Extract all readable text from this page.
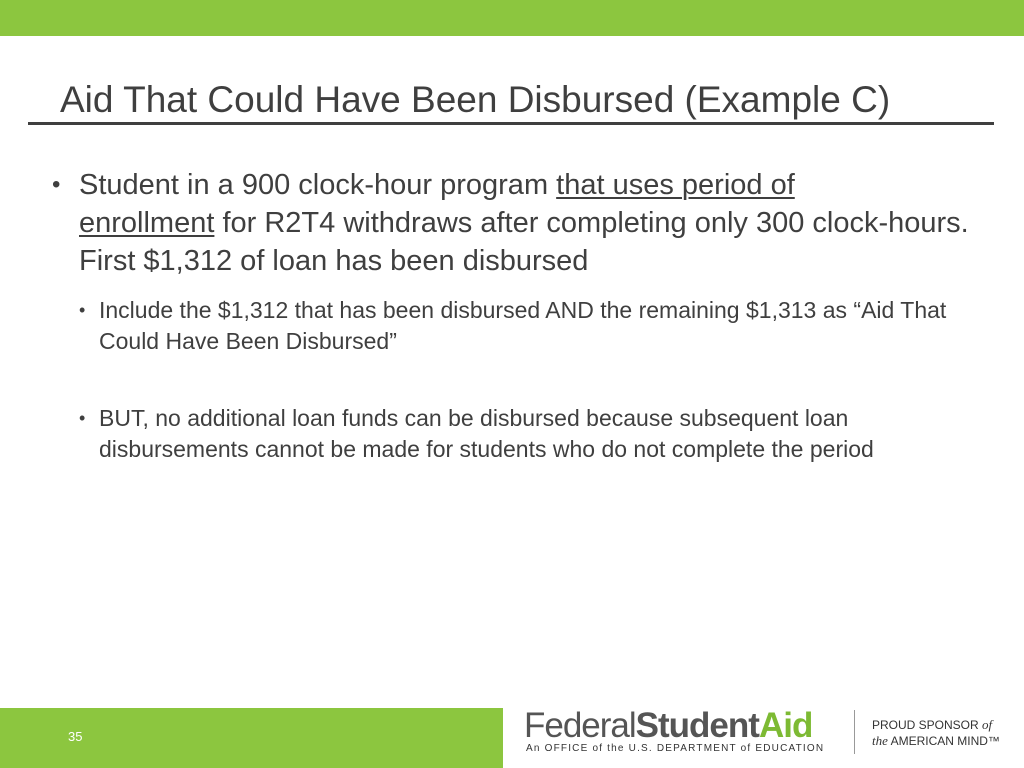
Aid That Could Have Been Disbursed (Example C)
• Student in a 900 clock-hour program that uses period of
enrollment for R2T4 withdraws after completing only 300 clock-hours. First $1,312 of loan has been disbursed
• Include the $1,312 that has been disbursed AND the remaining $1,313 as “Aid That Could Have Been Disbursed”
• BUT, no additional loan funds can be disbursed because subsequent loan disbursements cannot be made for students who do not complete the period
35	FederalStudentAid
An OFFICE of the U.S. DEPARTMENT of EDUCATION
PROUD SPONSOR of
the AMERICAN MIND™
